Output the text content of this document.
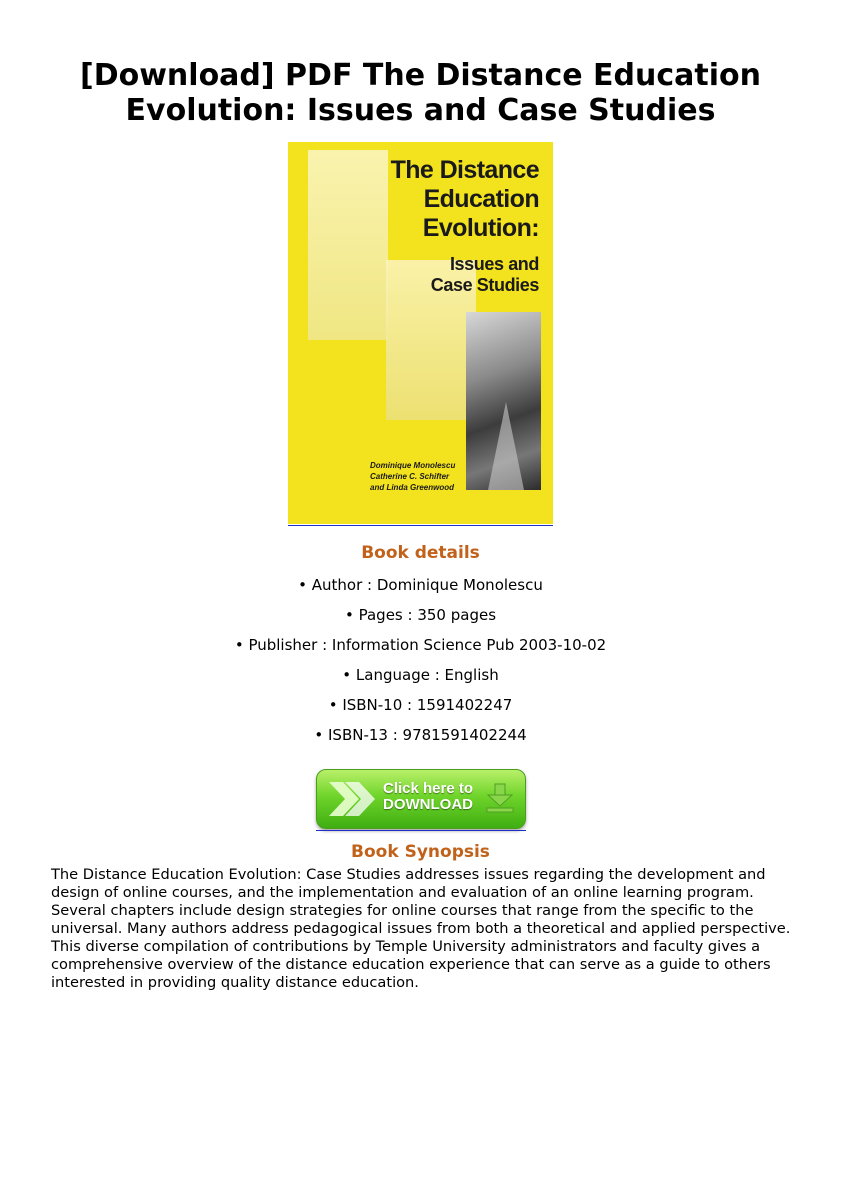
[Download] PDF The Distance Education Evolution: Issues and Case Studies
The Distance
Education
Evolution:
Issues and
Case Studies
Dominique Monolescu
Catherine C. Schifter
and Linda Greenwood
Book details
• Author : Dominique Monolescu
• Pages : 350 pages
• Publisher : Information Science Pub 2003-10-02
• Language : English
• ISBN-10 : 1591402247
• ISBN-13 : 9781591402244
Click here to
DOWNLOAD
Book Synopsis

The Distance Education Evolution: Case Studies addresses issues regarding the development and design of online courses, and the implementation and evaluation of an online learning program. Several chapters include design strategies for online courses that range from the specific to the universal. Many authors address pedagogical issues from both a theoretical and applied perspective. This diverse compilation of contributions by Temple University administrators and faculty gives a comprehensive overview of the distance education experience that can serve as a guide to others interested in providing quality distance education.
